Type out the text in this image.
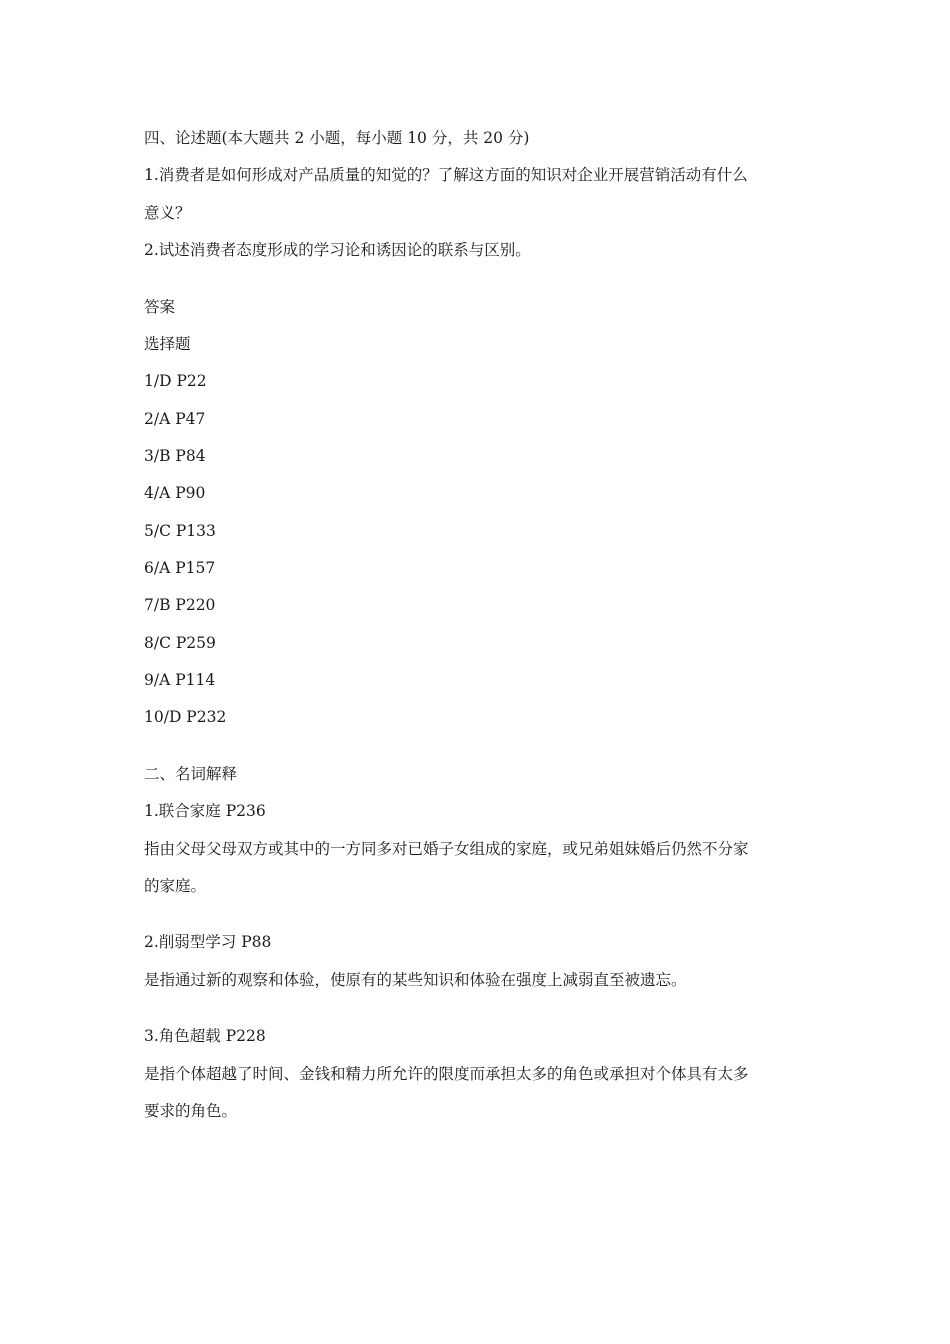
四、论述题(本大题共 2 小题，每小题 10 分，共 20 分)
1.消费者是如何形成对产品质量的知觉的？了解这方面的知识对企业开展营销活动有什么
意义？
2.试述消费者态度形成的学习论和诱因论的联系与区别。
答案
选择题
1/D P22
2/A P47
3/B P84
4/A P90
5/C P133
6/A P157
7/B P220
8/C P259
9/A P114
10/D P232
二、名词解释
1.联合家庭 P236
指由父母父母双方或其中的一方同多对已婚子女组成的家庭，或兄弟姐妹婚后仍然不分家
的家庭。
2.削弱型学习 P88
是指通过新的观察和体验，使原有的某些知识和体验在强度上减弱直至被遗忘。
3.角色超载 P228
是指个体超越了时间、金钱和精力所允许的限度而承担太多的角色或承担对个体具有太多
要求的角色。
